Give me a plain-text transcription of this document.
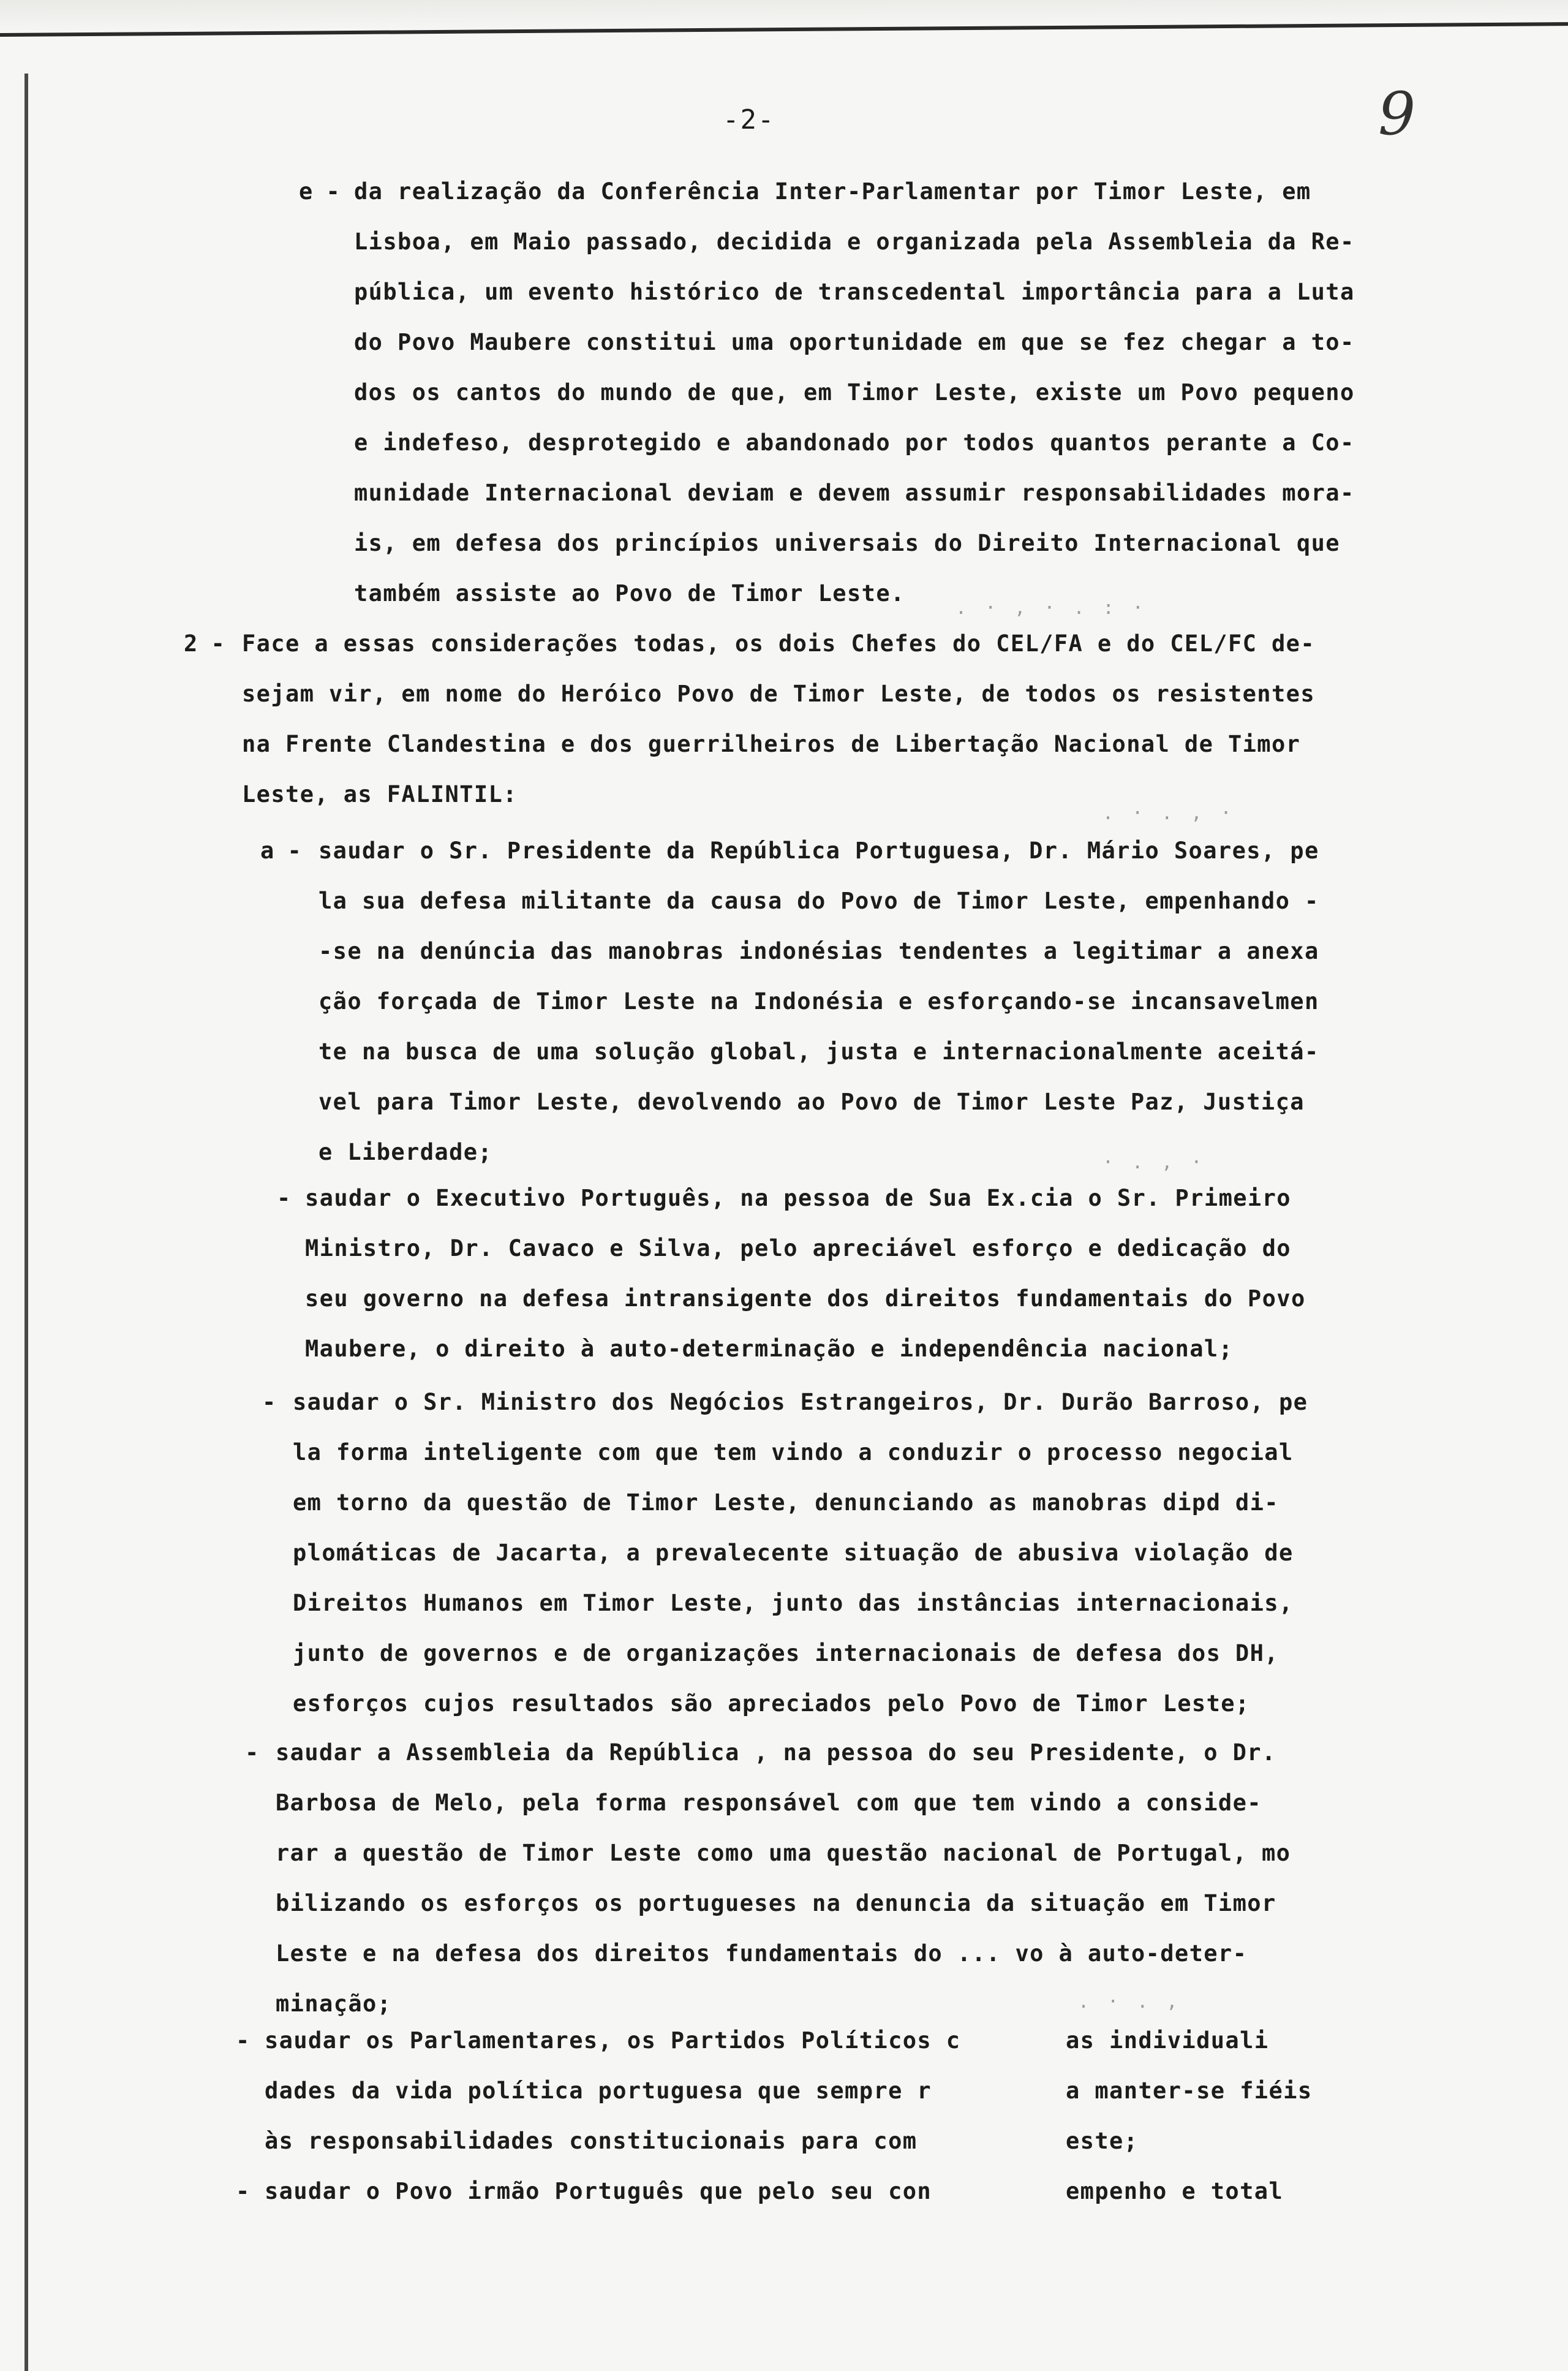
-2-	9
e - da realização da Conferência Inter-Parlamentar por Timor Leste, em
Lisboa, em Maio passado, decidida e organizada pela Assembleia da Re-
pública, um evento histórico de transcedental importância para a Luta
do Povo Maubere constitui uma oportunidade em que se fez chegar a to-
dos os cantos do mundo de que, em Timor Leste, existe um Povo pequeno
e indefeso, desprotegido e abandonado por todos quantos perante a Co-
munidade Internacional deviam e devem assumir responsabilidades mora-
is, em defesa dos princípios universais do Direito Internacional que
também assiste ao Povo de Timor Leste.
2 - Face a essas considerações todas, os dois Chefes do CEL/FA e do CEL/FC de-
sejam vir, em nome do Heróico Povo de Timor Leste, de todos os resistentes
na Frente Clandestina e dos guerrilheiros de Libertação Nacional de Timor
Leste, as FALINTIL:
a - saudar o Sr. Presidente da República Portuguesa, Dr. Mário Soares, pe
la sua defesa militante da causa do Povo de Timor Leste, empenhando -
-se na denúncia das manobras indonésias tendentes a legitimar a anexa
ção forçada de Timor Leste na Indonésia e esforçando-se incansavelmen
te na busca de uma solução global, justa e internacionalmente aceitá-
vel para Timor Leste, devolvendo ao Povo de Timor Leste Paz, Justiça
e Liberdade;
- saudar o Executivo Português, na pessoa de Sua Ex.cia o Sr. Primeiro
Ministro, Dr. Cavaco e Silva, pelo apreciável esforço e dedicação do
seu governo na defesa intransigente dos direitos fundamentais do Povo
Maubere, o direito à auto-determinação e independência nacional;
- saudar o Sr. Ministro dos Negócios Estrangeiros, Dr. Durão Barroso, pe
la forma inteligente com que tem vindo a conduzir o processo negocial
em torno da questão de Timor Leste, denunciando as manobras dipd di-
plomáticas de Jacarta, a prevalecente situação de abusiva violação de
Direitos Humanos em Timor Leste, junto das instâncias internacionais,
junto de governos e de organizações internacionais de defesa dos DH,
esforços cujos resultados são apreciados pelo Povo de Timor Leste;
- saudar a Assembleia da República , na pessoa do seu Presidente, o Dr.
Barbosa de Melo, pela forma responsável com que tem vindo a conside-
rar a questão de Timor Leste como uma questão nacional de Portugal, mo
bilizando os esforços os portugueses na denuncia da situação em Timor
Leste e na defesa dos direitos fundamentais do ... vo à auto-deter-
minação;
- saudar os Parlamentares, os Partidos Políticos c
dades da vida política portuguesa que sempre r
às responsabilidades constitucionais para com
as individuali
a manter-se fiéis
este;
- saudar o Povo irmão Português que pelo seu con	empenho e total
. · , · . : ·
. · . , ·
· . , ·
. · . ,
